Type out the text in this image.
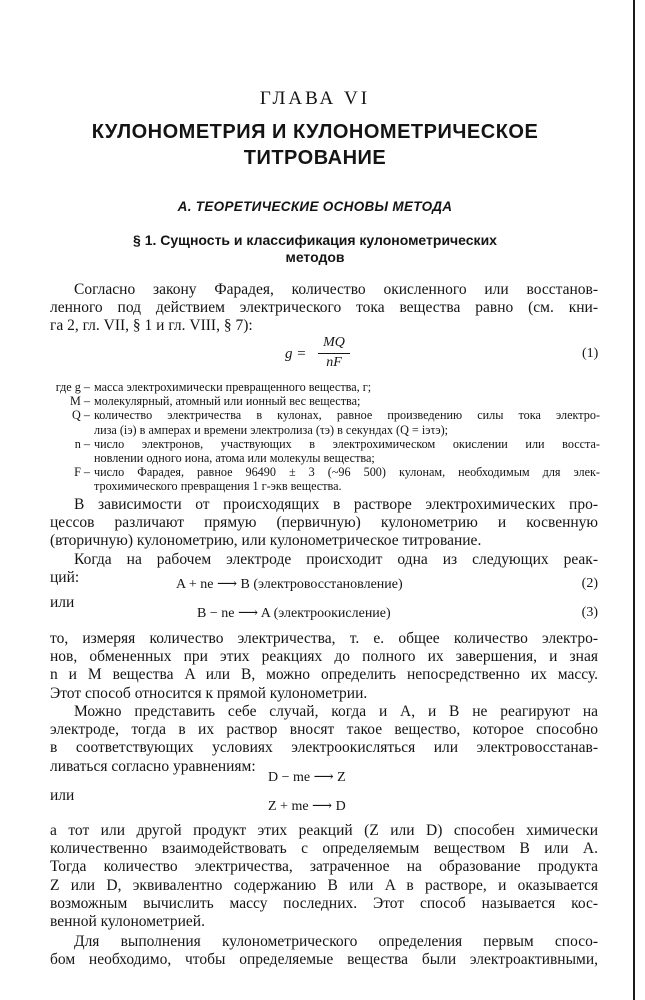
ГЛАВА VI
КУЛОНОМЕТРИЯ И КУЛОНОМЕТРИЧЕСКОЕ
ТИТРОВАНИЕ
А. ТЕОРЕТИЧЕСКИЕ ОСНОВЫ МЕТОДА
§ 1. Сущность и классификация кулонометрических
методов
Согласно закону Фарадея, количество окисленного или восстанов-
ленного под действием электрического тока вещества равно (см. кни-
га 2, гл. VII, § 1 и гл. VIII, § 7):
g =
MQ
nF
(1)
где g – масса электрохимически превращенного вещества, г;
M – молекулярный, атомный или ионный вес вещества;
Q – количество электричества в кулонах, равное произведению силы тока электро-
лиза (iэ) в амперах и времени электролиза (τэ) в секундах (Q = iэτэ);
n – число электронов, участвующих в электрохимическом окислении или восста-
новлении одного иона, атома или молекулы вещества;
F – число Фарадея, равное 96490 ± 3 (~96 500) кулонам, необходимым для элек-
трохимического превращения 1 г-экв вещества.
В зависимости от происходящих в растворе электрохимических про-
цессов различают прямую (первичную) кулонометрию и косвенную
(вторичную) кулонометрию, или кулонометрическое титрование.
Когда на рабочем электроде происходит одна из следующих реак-
ций:	A + ne ⟶ B (электровосстановление)	(2)
или
B − ne ⟶ A (электроокисление)	(3)
то, измеряя количество электричества, т. е. общее количество электро-
нов, обмененных при этих реакциях до полного их завершения, и зная
n и M вещества A или B, можно определить непосредственно их массу.
Этот способ относится к прямой кулонометрии.
Можно представить себе случай, когда и A, и B не реагируют на
электроде, тогда в их раствор вносят такое вещество, которое способно
в соответствующих условиях электроокисляться или электровосстанав-
ливаться согласно уравнениям:
D − me ⟶ Z
или
Z + me ⟶ D
а тот или другой продукт этих реакций (Z или D) способен химически
количественно взаимодействовать с определяемым веществом B или A.
Тогда количество электричества, затраченное на образование продукта
Z или D, эквивалентно содержанию B или A в растворе, и оказывается
возможным вычислить массу последних. Этот способ называется кос-
венной кулонометрией.
Для выполнения кулонометрического определения первым спосо-
бом необходимо, чтобы определяемые вещества были электроактивными,
